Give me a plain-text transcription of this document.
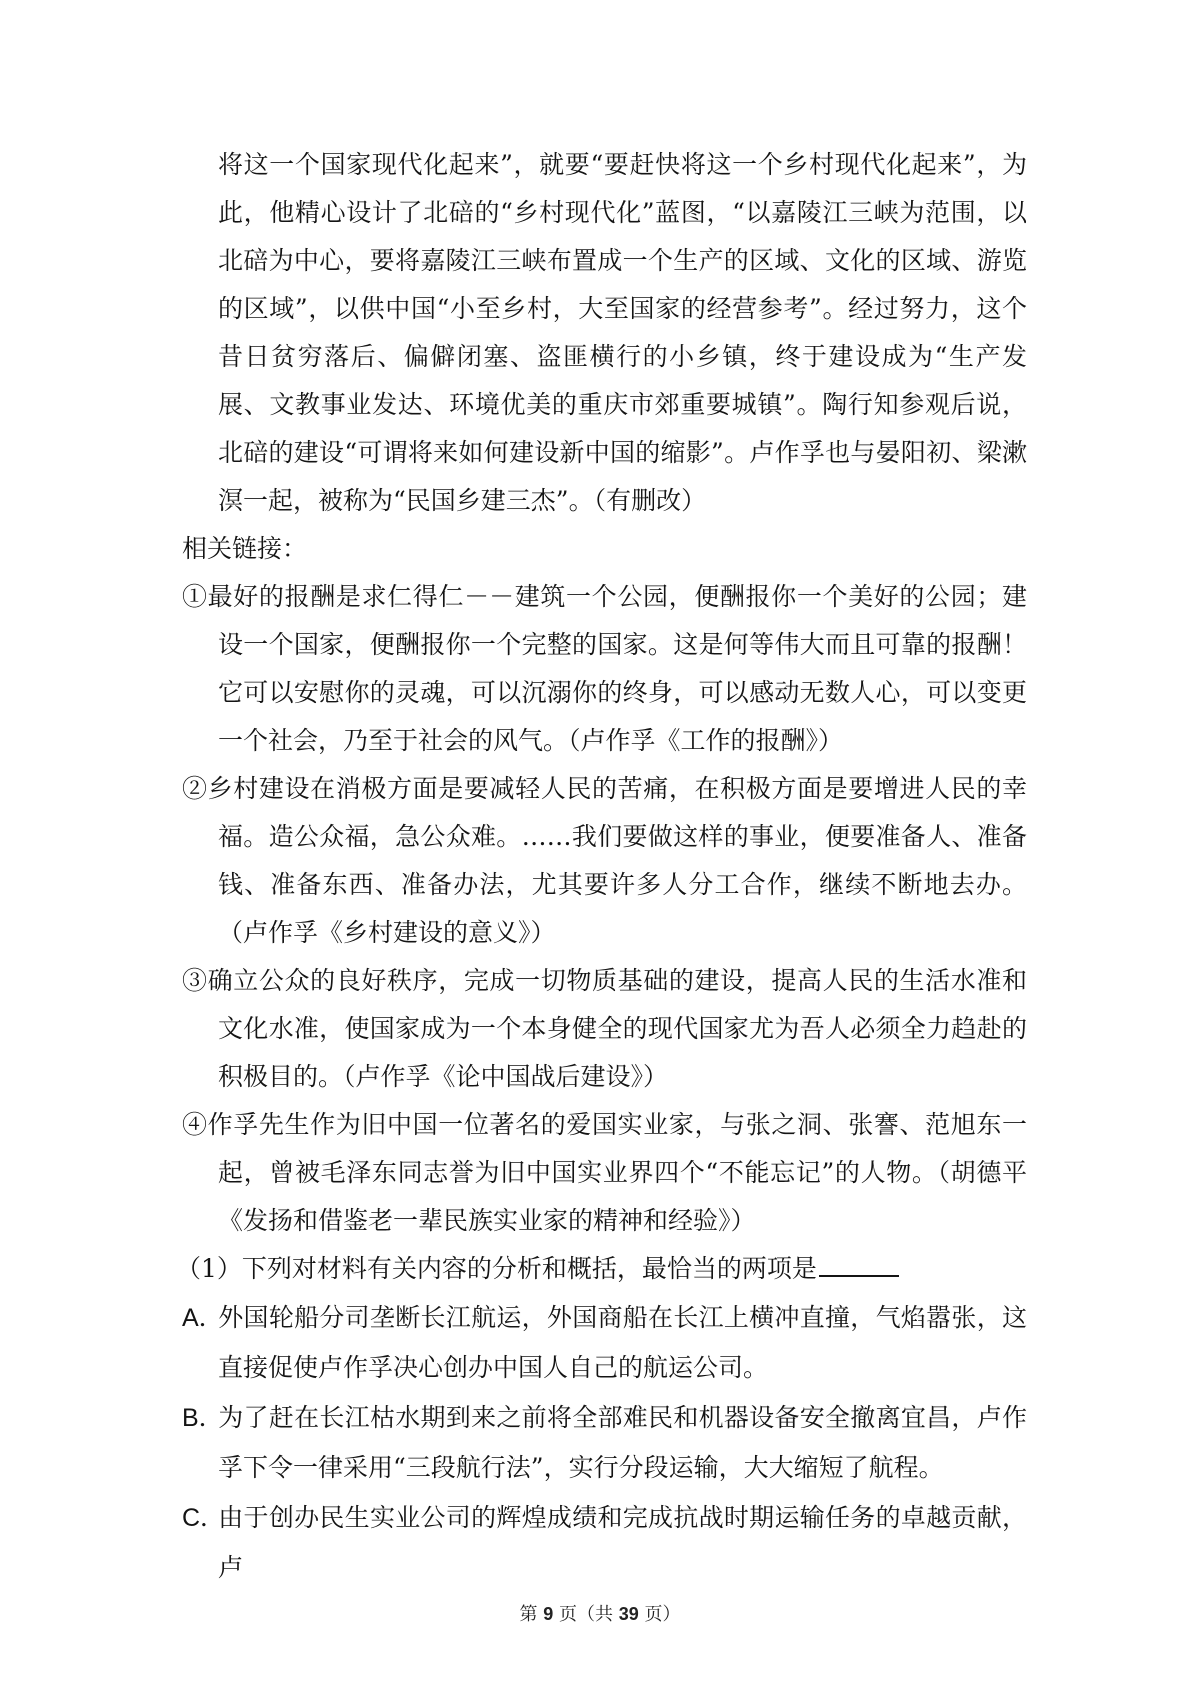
将这一个国家现代化起来”，就要“要赶快将这一个乡村现代化起来”，为此，他精心设计了北碚的“乡村现代化”蓝图，“以嘉陵江三峡为范围，以北碚为中心，要将嘉陵江三峡布置成一个生产的区域、文化的区域、游览的区域”，以供中国“小至乡村，大至国家的经营参考”。经过努力，这个昔日贫穷落后、偏僻闭塞、盗匪横行的小乡镇，终于建设成为“生产发展、文教事业发达、环境优美的重庆市郊重要城镇”。陶行知参观后说，北碚的建设“可谓将来如何建设新中国的缩影”。卢作孚也与晏阳初、梁漱溟一起，被称为“民国乡建三杰”。（有删改）

相关链接：

①最好的报酬是求仁得仁－－建筑一个公园，便酬报你一个美好的公园；建设一个国家，便酬报你一个完整的国家。这是何等伟大而且可靠的报酬！它可以安慰你的灵魂，可以沉溺你的终身，可以感动无数人心，可以变更一个社会，乃至于社会的风气。（卢作孚《工作的报酬》）

②乡村建设在消极方面是要减轻人民的苦痛，在积极方面是要增进人民的幸福。造公众福，急公众难。……我们要做这样的事业，便要准备人、准备钱、准备东西、准备办法，尤其要许多人分工合作，继续不断地去办。（卢作孚《乡村建设的意义》）

③确立公众的良好秩序，完成一切物质基础的建设，提高人民的生活水准和文化水准，使国家成为一个本身健全的现代国家尤为吾人必须全力趋赴的积极目的。（卢作孚《论中国战后建设》）

④作孚先生作为旧中国一位著名的爱国实业家，与张之洞、张謇、范旭东一起，曾被毛泽东同志誉为旧中国实业界四个“不能忘记”的人物。（胡德平《发扬和借鉴老一辈民族实业家的精神和经验》）

（1）下列对材料有关内容的分析和概括，最恰当的两项是

A．外国轮船分司垄断长江航运，外国商船在长江上横冲直撞，气焰嚣张，这直接促使卢作孚决心创办中国人自己的航运公司。

B．为了赶在长江枯水期到来之前将全部难民和机器设备安全撤离宜昌，卢作孚下令一律采用“三段航行法”，实行分段运输，大大缩短了航程。

C．由于创办民生实业公司的辉煌成绩和完成抗战时期运输任务的卓越贡献，卢

第 9 页（共 39 页）
